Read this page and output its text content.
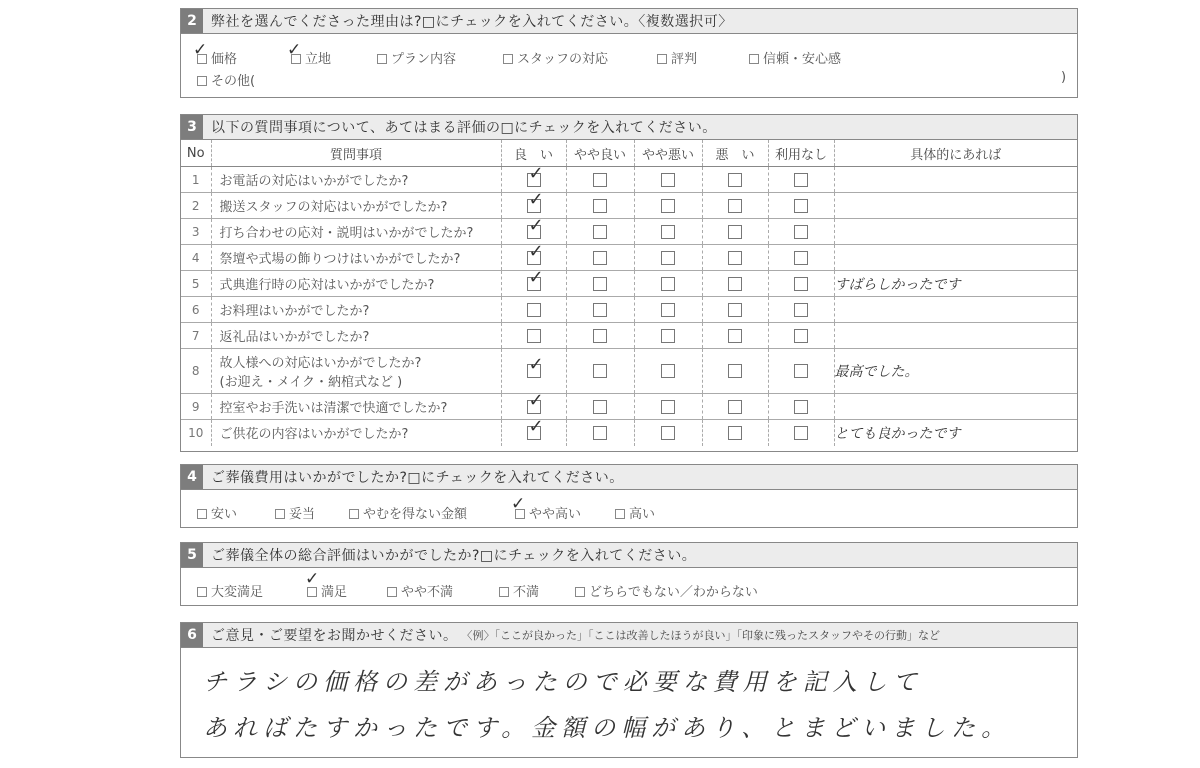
2	弊社を選んでくださった理由は?□にチェックを入れてください。〈複数選択可〉
価格
✓	立地
✓	プラン内容	スタッフの対応	評判	信頼・安心感
その他(	)
3	以下の質問事項について、あてはまる評価の□にチェックを入れてください。
No	質問事項	良　い	やや良い	やや悪い	悪　い	利用なし	具体的にあれば
1	お電話の対応はいかがでしたか?	✓					

2	搬送スタッフの対応はいかがでしたか?	✓					

3	打ち合わせの応対・説明はいかがでしたか?	✓					

4	祭壇や式場の飾りつけはいかがでしたか?	✓					

5	式典進行時の応対はいかがでしたか?	✓					すばらしかったです
6	お料理はいかがでしたか?						

7	返礼品はいかがでしたか?						

8	故人様への対応はいかがでしたか?
(お迎え・メイク・納棺式など )	✓					最高でした。
9	控室やお手洗いは清潔で快適でしたか?	✓					

10	ご供花の内容はいかがでしたか?	✓					とても良かったです
4	ご葬儀費用はいかがでしたか?□にチェックを入れてください。
安い	妥当	やむを得ない金額	やや高い
✓
高い
5	ご葬儀全体の総合評価はいかがでしたか?□にチェックを入れてください。
大変満足	満足
✓
やや不満	不満	どちらでもない／わからない
6	ご意見・ご要望をお聞かせください。 〈例〉「ここが良かった」「ここは改善したほうが良い」「印象に残ったスタッフやその行動」など
チラシの価格の差があったので必要な費用を記入して
あればたすかったです。金額の幅があり、とまどいました。
